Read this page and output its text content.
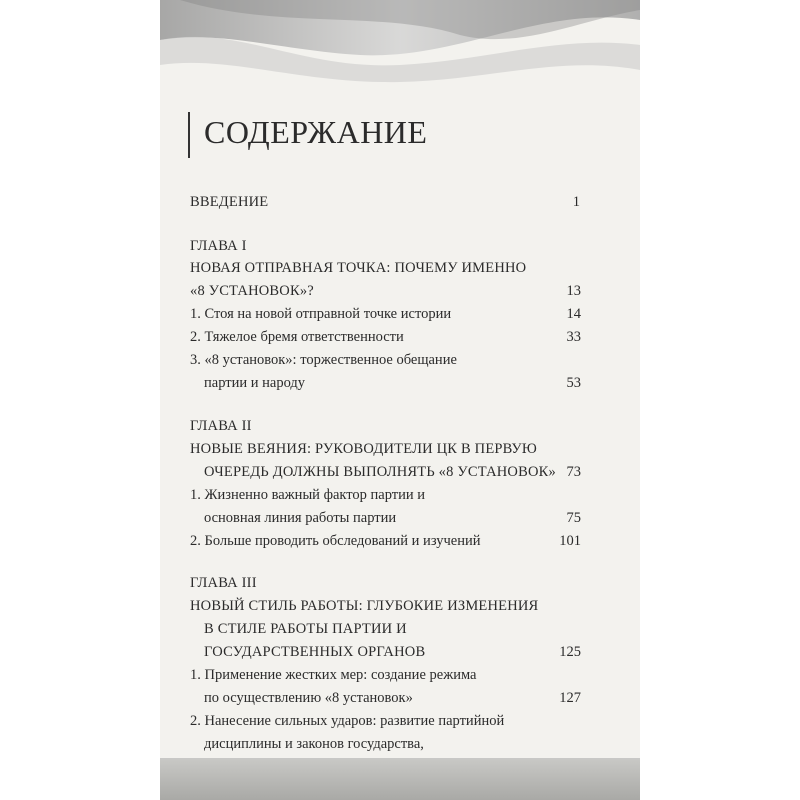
СОДЕРЖАНИЕ
ВВЕДЕНИЕ	1
ГЛАВА I
НОВАЯ ОТПРАВНАЯ ТОЧКА: ПОЧЕМУ ИМЕННО
«8 УСТАНОВОК»?	13
1. Стоя на новой отправной точке истории	14
2. Тяжелое бремя ответственности	33
3. «8 установок»: торжественное обещание
партии и народу	53
ГЛАВА II
НОВЫЕ ВЕЯНИЯ: РУКОВОДИТЕЛИ ЦК В ПЕРВУЮ
ОЧЕРЕДЬ ДОЛЖНЫ ВЫПОЛНЯТЬ «8 УСТАНОВОК» 73
1. Жизненно важный фактор партии и
основная линия работы партии	75
2. Больше проводить обследований и изучений	101
ГЛАВА III
НОВЫЙ СТИЛЬ РАБОТЫ: ГЛУБОКИЕ ИЗМЕНЕНИЯ
В СТИЛЕ РАБОТЫ ПАРТИИ И
ГОСУДАРСТВЕННЫХ ОРГАНОВ	125
1. Применение жестких мер: создание режима
по осуществлению «8 установок»	127
2. Нанесение сильных ударов: развитие партийной
дисциплины и законов государства,
